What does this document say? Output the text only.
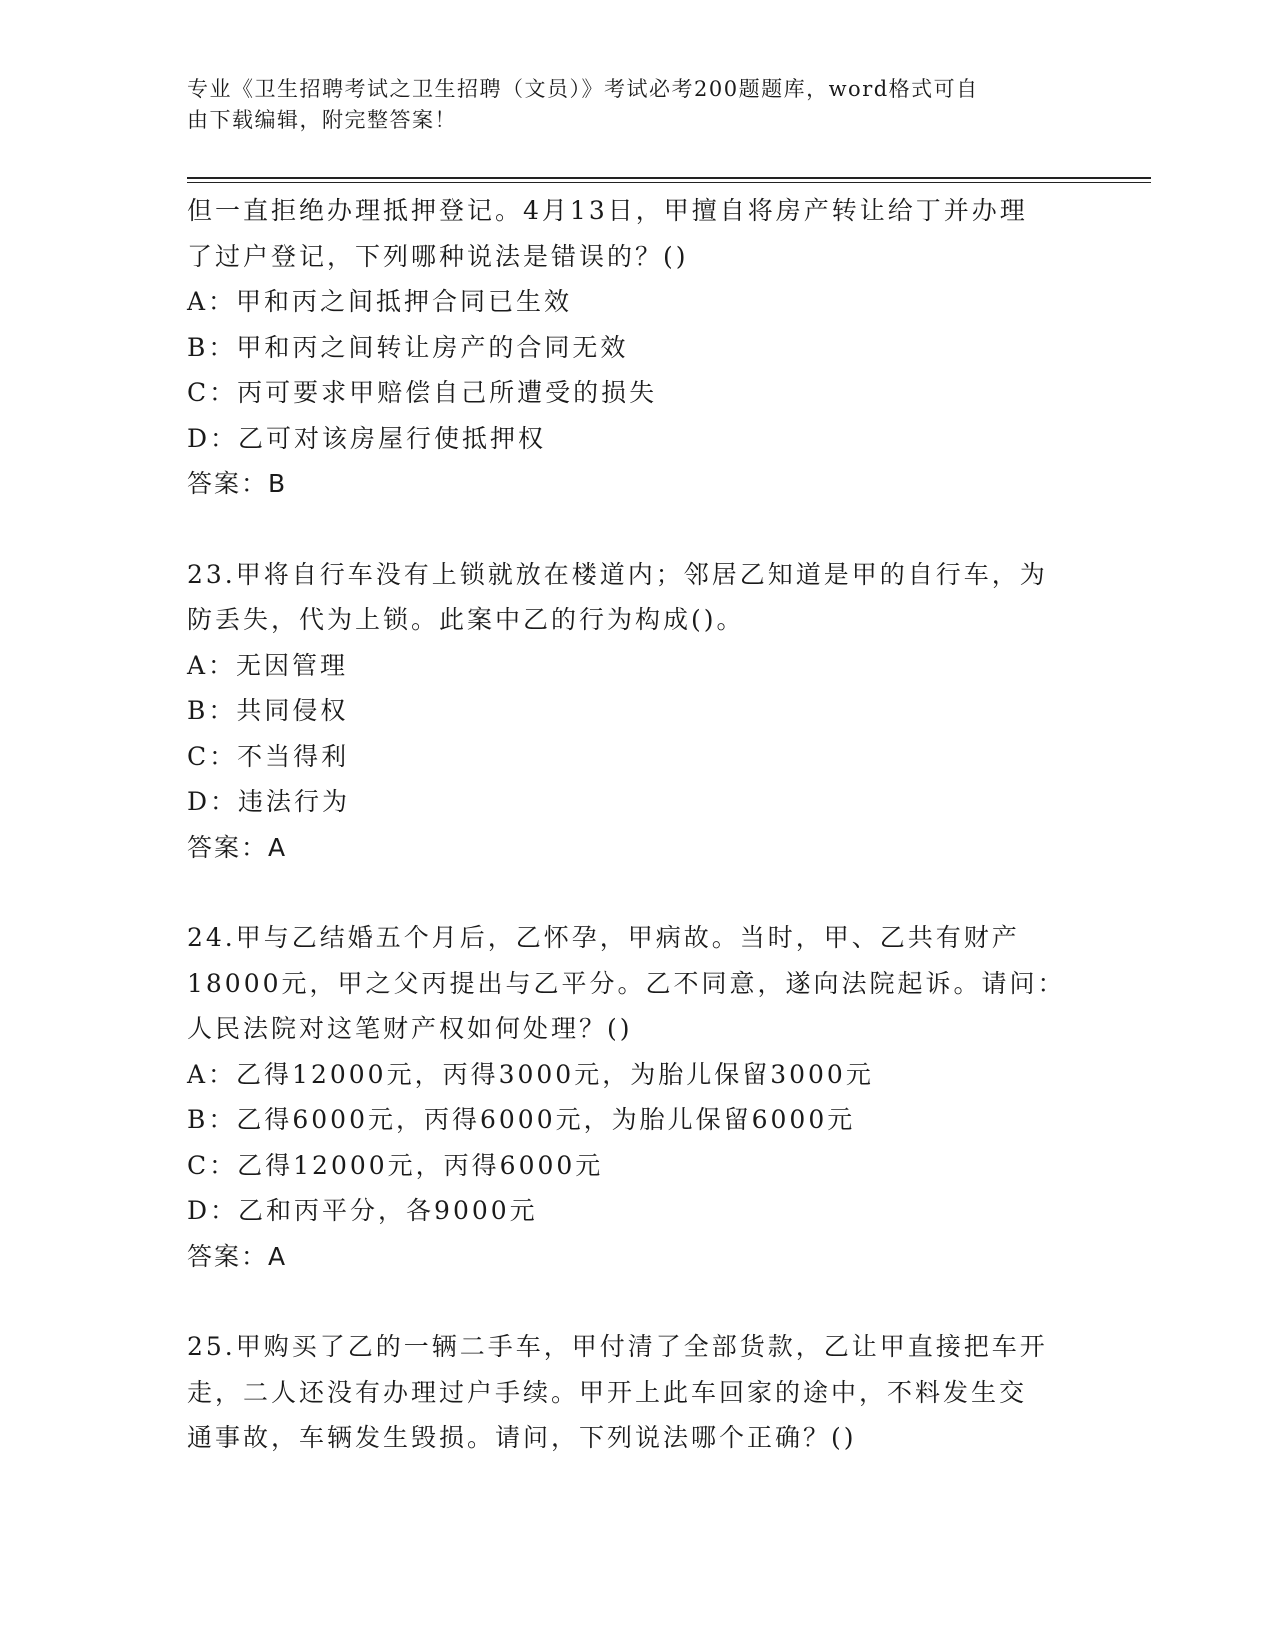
专业《卫生招聘考试之卫生招聘（文员）》考试必考200题题库，word格式可自
由下载编辑，附完整答案！
但一直拒绝办理抵押登记。4月13日，甲擅自将房产转让给丁并办理
了过户登记，下列哪种说法是错误的？()
A：甲和丙之间抵押合同已生效
B：甲和丙之间转让房产的合同无效
C：丙可要求甲赔偿自己所遭受的损失
D：乙可对该房屋行使抵押权
答案：B
23.甲将自行车没有上锁就放在楼道内；邻居乙知道是甲的自行车，为
防丢失，代为上锁。此案中乙的行为构成()。
A：无因管理
B：共同侵权
C：不当得利
D：违法行为
答案：A
24.甲与乙结婚五个月后，乙怀孕，甲病故。当时，甲、乙共有财产
18000元，甲之父丙提出与乙平分。乙不同意，遂向法院起诉。请问：
人民法院对这笔财产权如何处理？()
A：乙得12000元，丙得3000元，为胎儿保留3000元
B：乙得6000元，丙得6000元，为胎儿保留6000元
C：乙得12000元，丙得6000元
D：乙和丙平分，各9000元
答案：A
25.甲购买了乙的一辆二手车，甲付清了全部货款，乙让甲直接把车开
走，二人还没有办理过户手续。甲开上此车回家的途中，不料发生交
通事故，车辆发生毁损。请问，下列说法哪个正确？()
